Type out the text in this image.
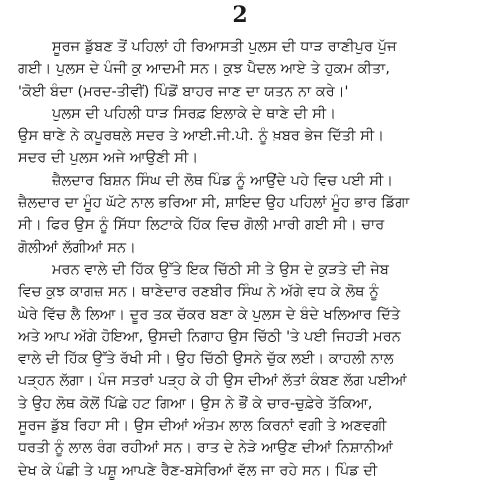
2
ਸੂਰਜ ਡੁੱਬਣ ਤੋਂ ਪਹਿਲਾਂ ਹੀ ਰਿਆਸਤੀ ਪੁਲਸ ਦੀ ਧਾੜ ਰਾਣੀਪੁਰ ਪੁੱਜ
ਗਈ। ਪੁਲਸ ਦੇ ਪੰਜੀ ਕੁ ਆਦਮੀ ਸਨ। ਕੁਝ ਪੈਦਲ ਆਏ ਤੇ ਹੁਕਮ ਕੀਤਾ,
'ਕੋਈ ਬੰਦਾ (ਮਰਦ-ਤੀਵੀਂ) ਪਿੰਡੋਂ ਬਾਹਰ ਜਾਣ ਦਾ ਯਤਨ ਨਾ ਕਰੇ।'
ਪੁਲਸ ਦੀ ਪਹਿਲੀ ਧਾੜ ਸਿਰਫ਼ ਇਲਾਕੇ ਦੇ ਥਾਣੇ ਦੀ ਸੀ।
ਉਸ ਥਾਣੇ ਨੇ ਕਪੂਰਥਲੇ ਸਦਰ ਤੇ ਆਈ.ਜੀ.ਪੀ. ਨੂੰ ਖ਼ਬਰ ਭੇਜ ਦਿੱਤੀ ਸੀ।
ਸਦਰ ਦੀ ਪੁਲਸ ਅਜੇ ਆਉਣੀ ਸੀ।
ਜ਼ੈਲਦਾਰ ਬਿਸ਼ਨ ਸਿੰਘ ਦੀ ਲੋਥ ਪਿੰਡ ਨੂੰ ਆਉਂਦੇ ਪਹੇ ਵਿਚ ਪਈ ਸੀ।
ਜ਼ੈਲਦਾਰ ਦਾ ਮੂੰਹ ਘੱਟੇ ਨਾਲ ਭਰਿਆ ਸੀ, ਸ਼ਾਇਦ ਉਹ ਪਹਿਲਾਂ ਮੂੰਹ ਭਾਰ ਡਿੱਗਾ
ਸੀ। ਫਿਰ ਉਸ ਨੂੰ ਸਿੱਧਾ ਲਿਟਾਕੇ ਹਿੱਕ ਵਿਚ ਗੋਲੀ ਮਾਰੀ ਗਈ ਸੀ। ਚਾਰ
ਗੋਲੀਆਂ ਲੱਗੀਆਂ ਸਨ।
ਮਰਨ ਵਾਲੇ ਦੀ ਹਿੱਕ ਉੱਤੇ ਇਕ ਚਿੱਠੀ ਸੀ ਤੇ ਉਸ ਦੇ ਕੁੜਤੇ ਦੀ ਜੇਬ
ਵਿਚ ਕੁਝ ਕਾਗਜ਼ ਸਨ। ਥਾਣੇਦਾਰ ਰਣਬੀਰ ਸਿੰਘ ਨੇ ਅੱਗੇ ਵਧ ਕੇ ਲੋਥ ਨੂੰ
ਘੇਰੇ ਵਿੱਚ ਲੈ ਲਿਆ। ਦੂਰ ਤਕ ਚੱਕਰ ਬਣਾ ਕੇ ਪੁਲਸ ਦੇ ਬੰਦੇ ਖਲਿਆਰ ਦਿੱਤੇ
ਅਤੇ ਆਪ ਅੱਗੇ ਹੋਇਆ, ਉਸਦੀ ਨਿਗਾਹ ਉਸ ਚਿੱਠੀ 'ਤੇ ਪਈ ਜਿਹੜੀ ਮਰਨ
ਵਾਲੇ ਦੀ ਹਿੱਕ ਉੱਤੇ ਰੱਖੀ ਸੀ। ਉਹ ਚਿੱਠੀ ਉਸਨੇ ਚੁੱਕ ਲਈ। ਕਾਹਲੀ ਨਾਲ
ਪੜ੍ਹਨ ਲੱਗਾ। ਪੰਜ ਸਤਰਾਂ ਪੜ੍ਹ ਕੇ ਹੀ ਉਸ ਦੀਆਂ ਲੱਤਾਂ ਕੰਬਣ ਲੱਗ ਪਈਆਂ
ਤੇ ਉਹ ਲੋਥ ਕੋਲੋਂ ਪਿੱਛੇ ਹਟ ਗਿਆ। ਉਸ ਨੇ ਭੌਂ ਕੇ ਚਾਰ-ਚੁਫ਼ੇਰੇ ਤੱਕਿਆ,
ਸੂਰਜ ਡੁੱਬ ਰਿਹਾ ਸੀ। ਉਸ ਦੀਆਂ ਅੰਤਮ ਲਾਲ ਕਿਰਨਾਂ ਵਗੀ ਤੇ ਅਣਵਗੀ
ਧਰਤੀ ਨੂੰ ਲਾਲ ਰੰਗ ਰਹੀਆਂ ਸਨ। ਰਾਤ ਦੇ ਨੇੜੇ ਆਉਣ ਦੀਆਂ ਨਿਸ਼ਾਨੀਆਂ
ਦੇਖ ਕੇ ਪੰਛੀ ਤੇ ਪਸ਼ੂ ਆਪਣੇ ਰੈਣ-ਬਸੇਰਿਆਂ ਵੱਲ ਜਾ ਰਹੇ ਸਨ। ਪਿੰਡ ਦੀ
